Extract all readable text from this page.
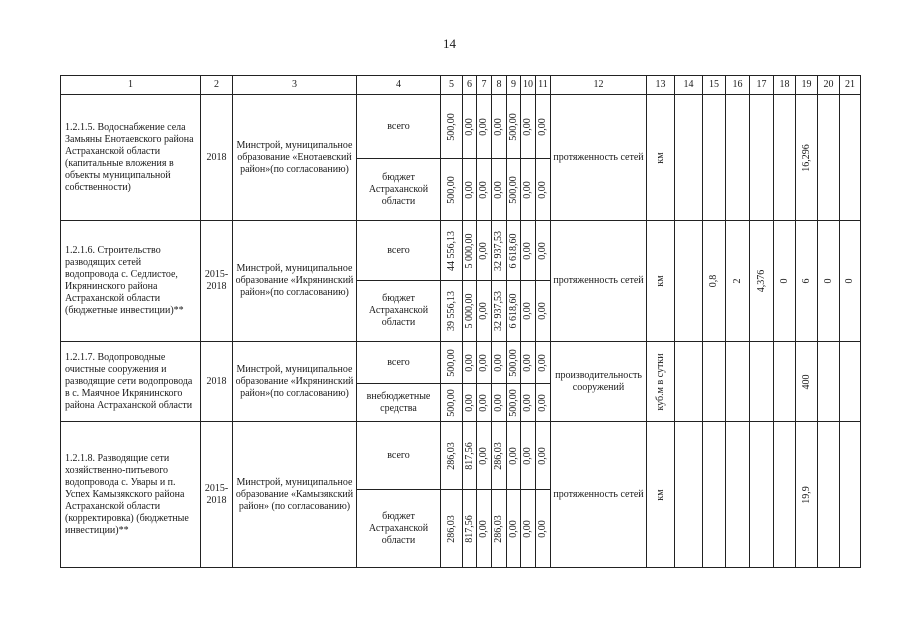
14
1	2	3	4	5	6	7	8	9	10	11	12	13	14	15	16	17	18	19	20	21
1.2.1.5. Водоснабжение села Замьяны Енотаевского района Астраханской области (капитальные вложения в объекты муниципальной собственности)	2018	Минстрой, муниципальное образование «Енотаевский район»(по согласованию)	всего	500,00	0,00	0,00	0,00	500,00	0,00	0,00	протяженность сетей	км						16,296		

			бюджет Астраханской области	500,00	0,00	0,00	0,00	500,00	0,00	0,00										

1.2.1.6. Строительство разводящих сетей водопровода с. Седлистое, Икрянинского района Астраханской области (бюджетные инвестиции)**	2015-2018	Минстрой, муниципальное образование «Икрянинский район»(по согласованию)	всего	44 556,13	5 000,00	0,00	32 937,53	6 618,60	0,00	0,00	протяженность сетей	км		0,8	2	4,376	0	6	0	0

			бюджет Астраханской области	39 556,13	5 000,00	0,00	32 937,53	6 618,60	0,00	0,00										

1.2.1.7. Водопроводные очистные сооружения и разводящие сети водопровода в с. Маячное Икрянинского района Астраханской области	2018	Минстрой, муниципальное образование «Икрянинский район»(по согласованию)	всего	500,00	0,00	0,00	0,00	500,00	0,00	0,00	производительность сооружений	куб.м в сутки						400		

			внебюджетные средства	500,00	0,00	0,00	0,00	500,00	0,00	0,00										

1.2.1.8. Разводящие сети хозяйственно-питьевого водопровода с. Увары и п. Успех Камызякского района Астраханской области (корректировка) (бюджетные инвестиции)**	2015-2018	Минстрой, муниципальное образование «Камызякский район» (по согласованию)	всего	286,03	817,56	0,00	286,03	0,00	0,00	0,00	протяженность сетей	км						19,9		

			бюджет Астраханской области	286,03	817,56	0,00	286,03	0,00	0,00	0,00										
